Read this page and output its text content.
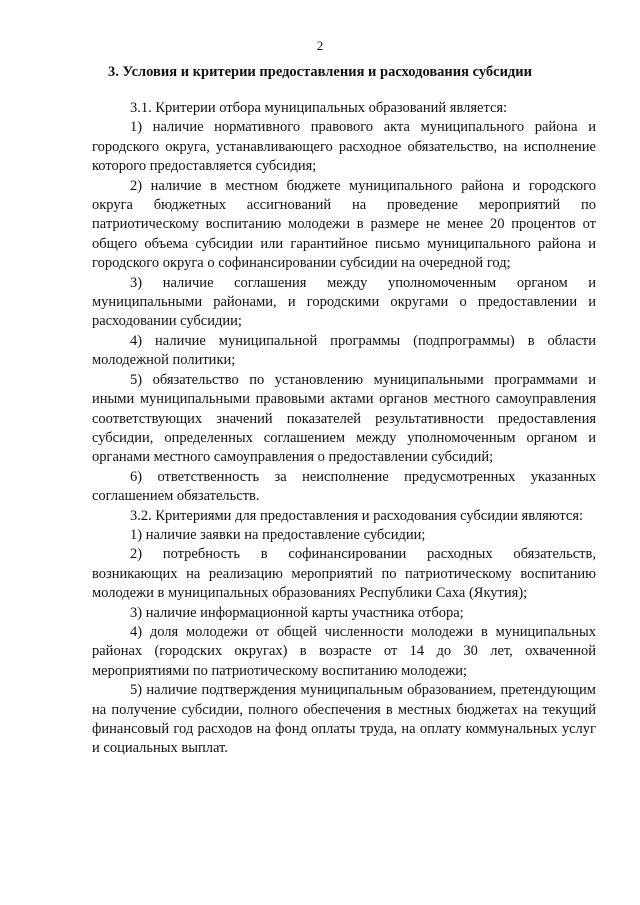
2
3. Условия и критерии предоставления и расходования субсидии

3.1. Критерии отбора муниципальных образований является:

1) наличие нормативного правового акта муниципального района и городского округа, устанавливающего расходное обязательство, на исполнение которого предоставляется субсидия;

2) наличие в местном бюджете муниципального района и городского округа бюджетных ассигнований на проведение мероприятий по патриотическому воспитанию молодежи в размере не менее 20 процентов от общего объема субсидии или гарантийное письмо муниципального района и городского округа о софинансировании субсидии на очередной год;

3) наличие соглашения между уполномоченным органом и муниципальными районами, и городскими округами о предоставлении и расходовании субсидии;

4) наличие муниципальной программы (подпрограммы) в области молодежной политики;

5) обязательство по установлению муниципальными программами и иными муниципальными правовыми актами органов местного самоуправления соответствующих значений показателей результативности предоставления субсидии, определенных соглашением между уполномоченным органом и органами местного самоуправления о предоставлении субсидий;

6) ответственность за неисполнение предусмотренных указанных соглашением обязательств.

3.2. Критериями для предоставления и расходования субсидии являются:

1) наличие заявки на предоставление субсидии;

2) потребность в софинансировании расходных обязательств, возникающих на реализацию мероприятий по патриотическому воспитанию молодежи в муниципальных образованиях Республики Саха (Якутия);

3) наличие информационной карты участника отбора;

4) доля молодежи от общей численности молодежи в муниципальных районах (городских округах) в возрасте от 14 до 30 лет, охваченной мероприятиями по патриотическому воспитанию молодежи;

5) наличие подтверждения муниципальным образованием, претендующим на получение субсидии, полного обеспечения в местных бюджетах на текущий финансовый год расходов на фонд оплаты труда, на оплату коммунальных услуг и социальных выплат.
